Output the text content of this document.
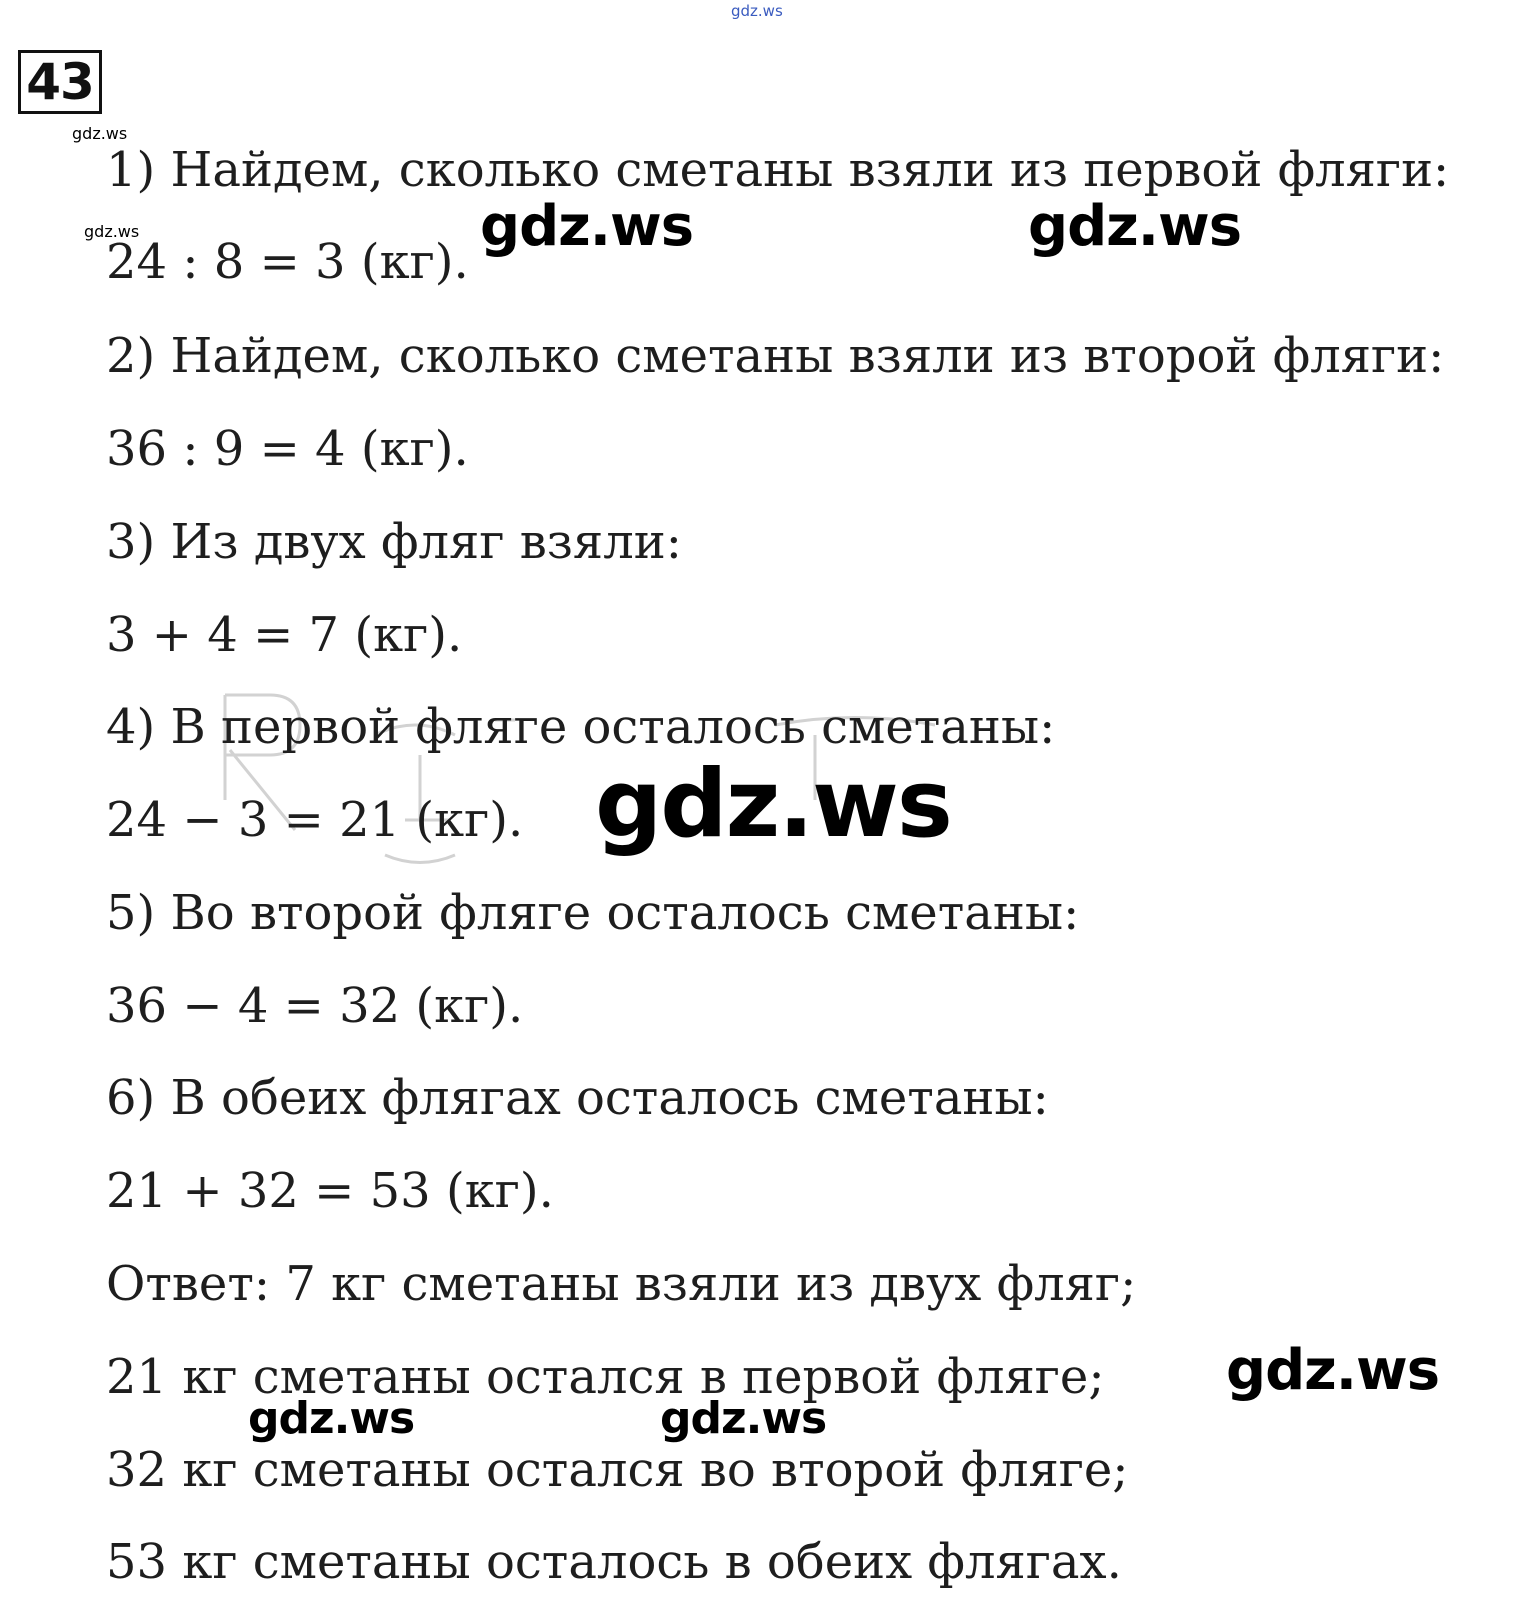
gdz.ws
43
gdz.ws
1) Найдем, сколько сметаны взяли из первой фляги:
gdz.ws
24 : 8 = 3 (кг).
gdz.ws	gdz.ws
2) Найдем, сколько сметаны взяли из второй фляги:
36 : 9 = 4 (кг).
3) Из двух фляг взяли:
3 + 4 = 7 (кг).
4) В первой фляге осталось сметаны:
24 − 3 = 21 (кг). gdz.ws
5) Во второй фляге осталось сметаны:
36 − 4 = 32 (кг).
6) В обеих флягах осталось сметаны:
21 + 32 = 53 (кг).
Ответ: 7 кг сметаны взяли из двух фляг;
21 кг сметаны остался в первой фляге; gdz.ws
gdz.ws	gdz.ws
32 кг сметаны остался во второй фляге;
53 кг сметаны осталось в обеих флягах.
